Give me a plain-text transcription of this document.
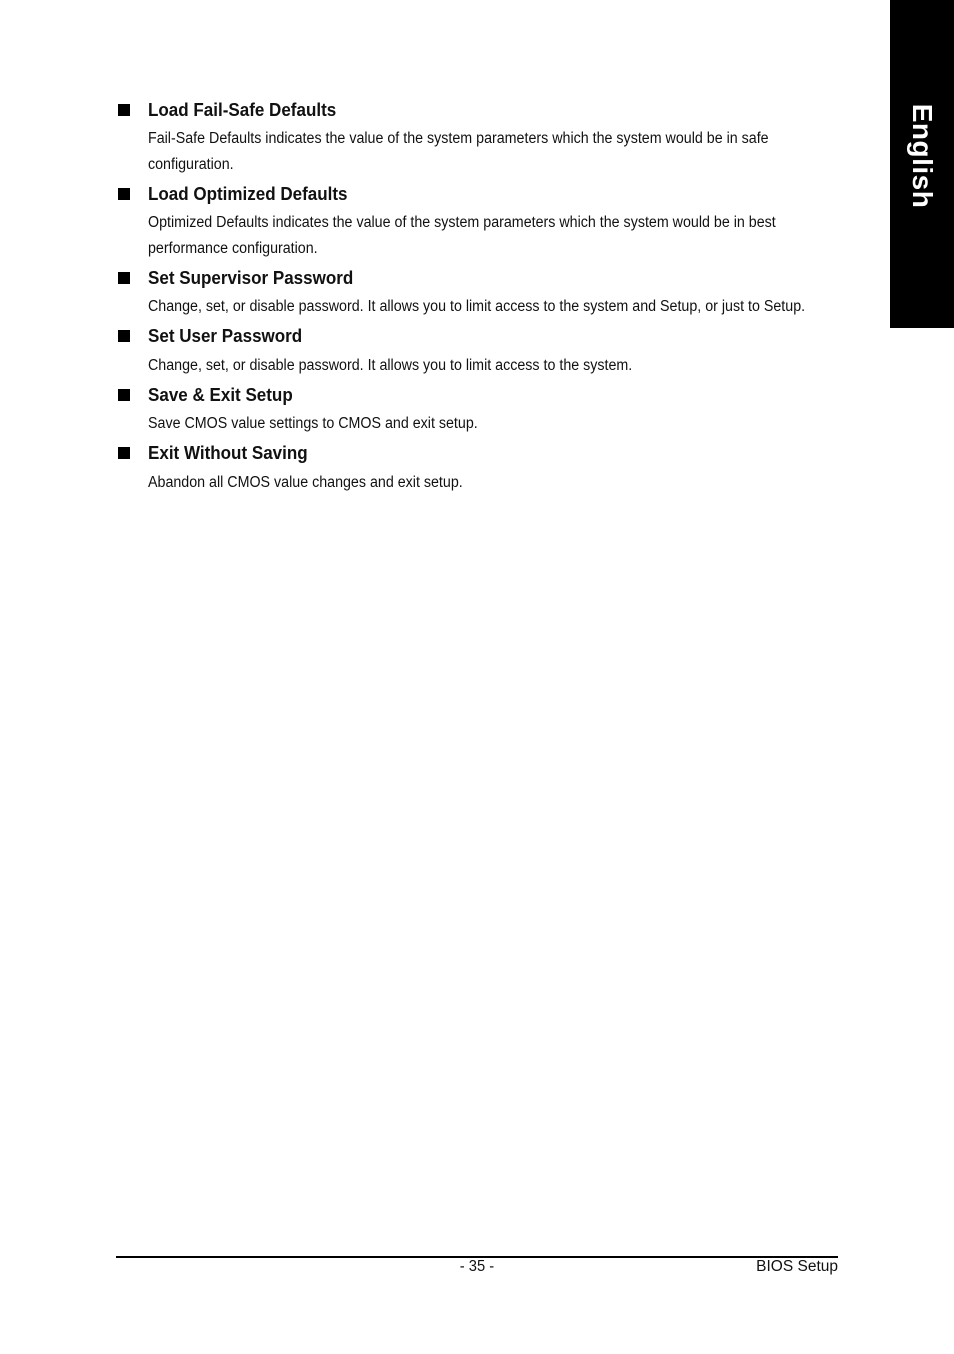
English
Load Fail-Safe Defaults

Fail-Safe Defaults indicates the value of the system parameters which the system would be in safe configuration.

Load Optimized Defaults

Optimized Defaults indicates the value of the system parameters which the system would be in best performance configuration.

Set Supervisor Password

Change, set, or disable password. It allows you to limit access to the system and Setup, or just to Setup.

Set User Password

Change, set, or disable password. It allows you to limit access to the system.

Save & Exit Setup

Save CMOS value settings to CMOS and exit setup.

Exit Without Saving

Abandon all CMOS value changes and exit setup.

- 35 -	BIOS Setup
